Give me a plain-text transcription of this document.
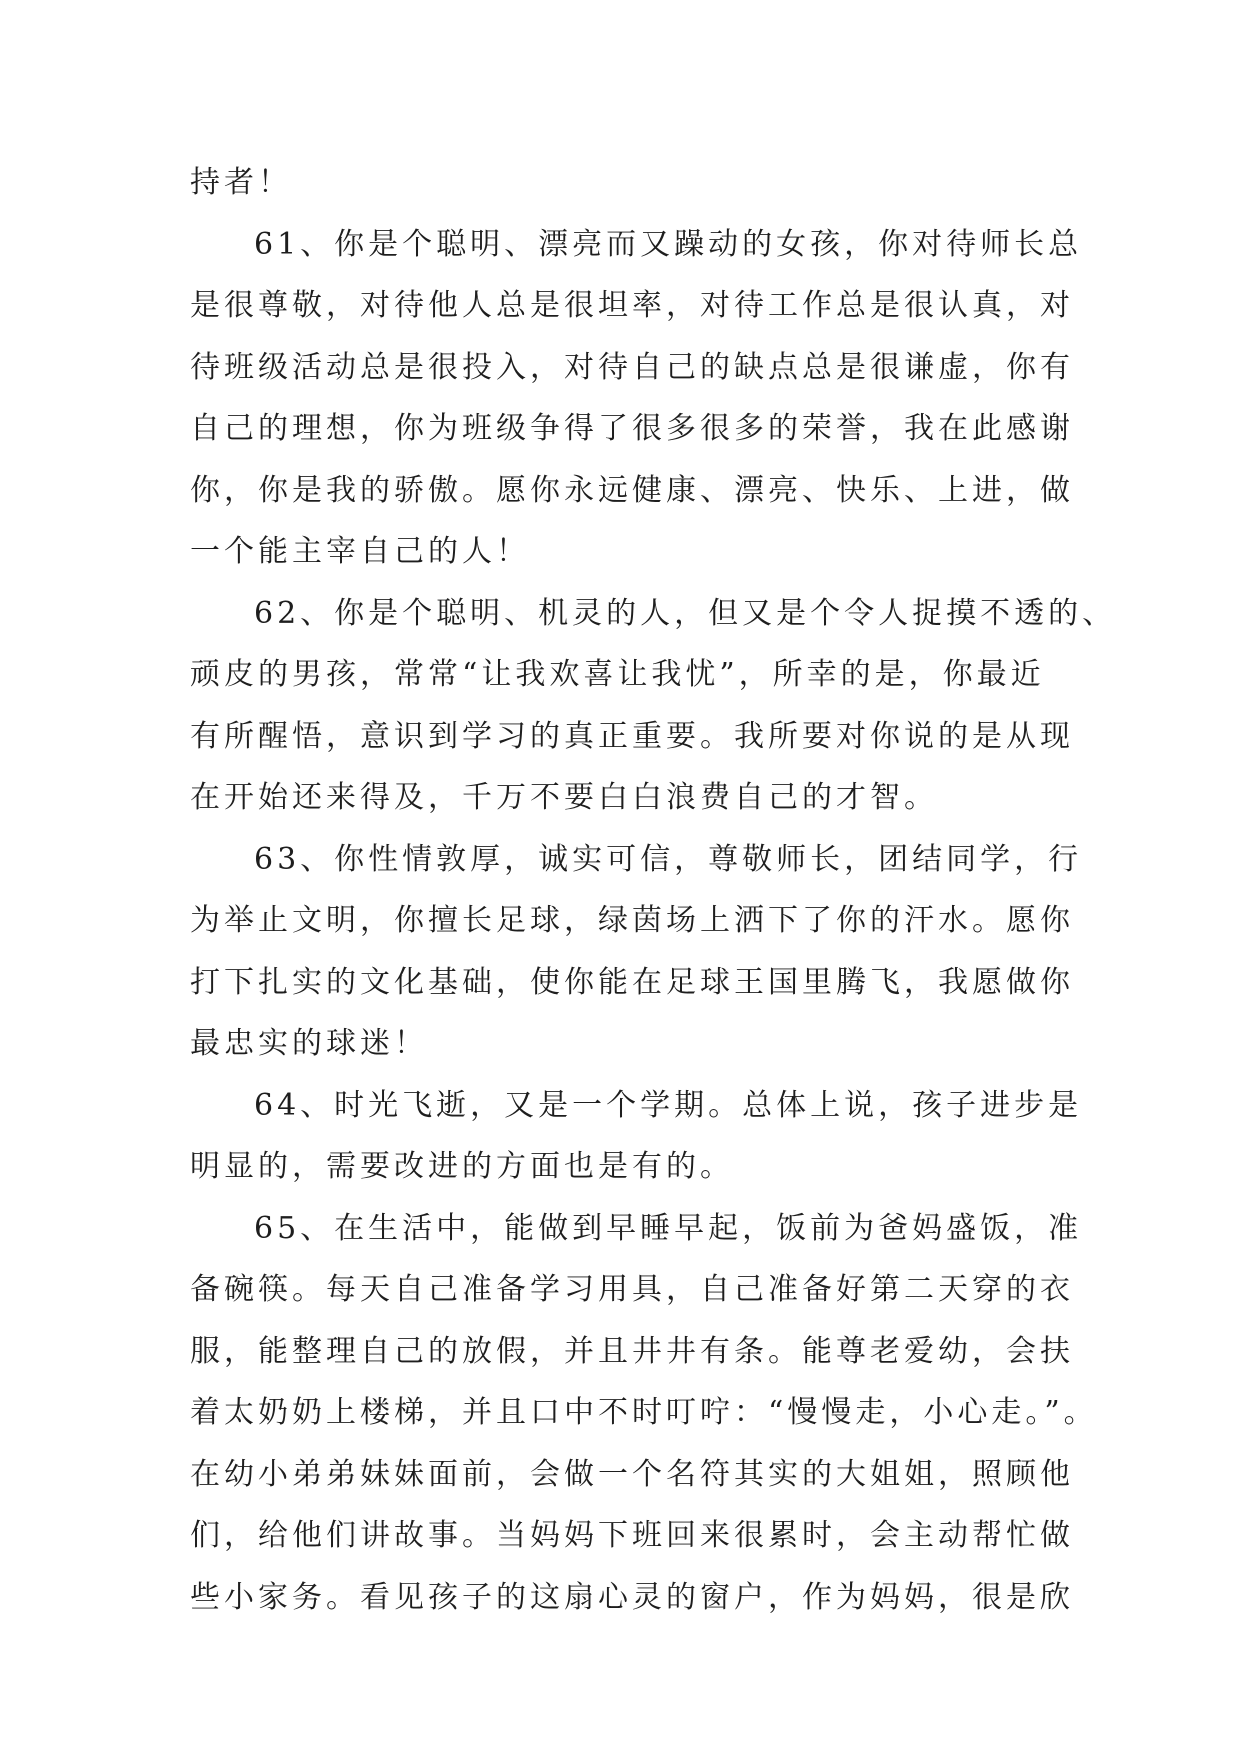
持者！
61、你是个聪明、漂亮而又躁动的女孩，你对待师长总
是很尊敬，对待他人总是很坦率，对待工作总是很认真，对
待班级活动总是很投入，对待自己的缺点总是很谦虚，你有
自己的理想，你为班级争得了很多很多的荣誉，我在此感谢
你，你是我的骄傲。愿你永远健康、漂亮、快乐、上进，做
一个能主宰自己的人！
62、你是个聪明、机灵的人，但又是个令人捉摸不透的、
顽皮的男孩，常常“让我欢喜让我忧”，所幸的是，你最近
有所醒悟，意识到学习的真正重要。我所要对你说的是从现
在开始还来得及，千万不要白白浪费自己的才智。
63、你性情敦厚，诚实可信，尊敬师长，团结同学，行
为举止文明，你擅长足球，绿茵场上洒下了你的汗水。愿你
打下扎实的文化基础，使你能在足球王国里腾飞，我愿做你
最忠实的球迷！
64、时光飞逝，又是一个学期。总体上说，孩子进步是
明显的，需要改进的方面也是有的。
65、在生活中，能做到早睡早起，饭前为爸妈盛饭，准
备碗筷。每天自己准备学习用具，自己准备好第二天穿的衣
服，能整理自己的放假，并且井井有条。能尊老爱幼，会扶
着太奶奶上楼梯，并且口中不时叮咛：“慢慢走，小心走。”。
在幼小弟弟妹妹面前，会做一个名符其实的大姐姐，照顾他
们，给他们讲故事。当妈妈下班回来很累时，会主动帮忙做
些小家务。看见孩子的这扇心灵的窗户，作为妈妈，很是欣
